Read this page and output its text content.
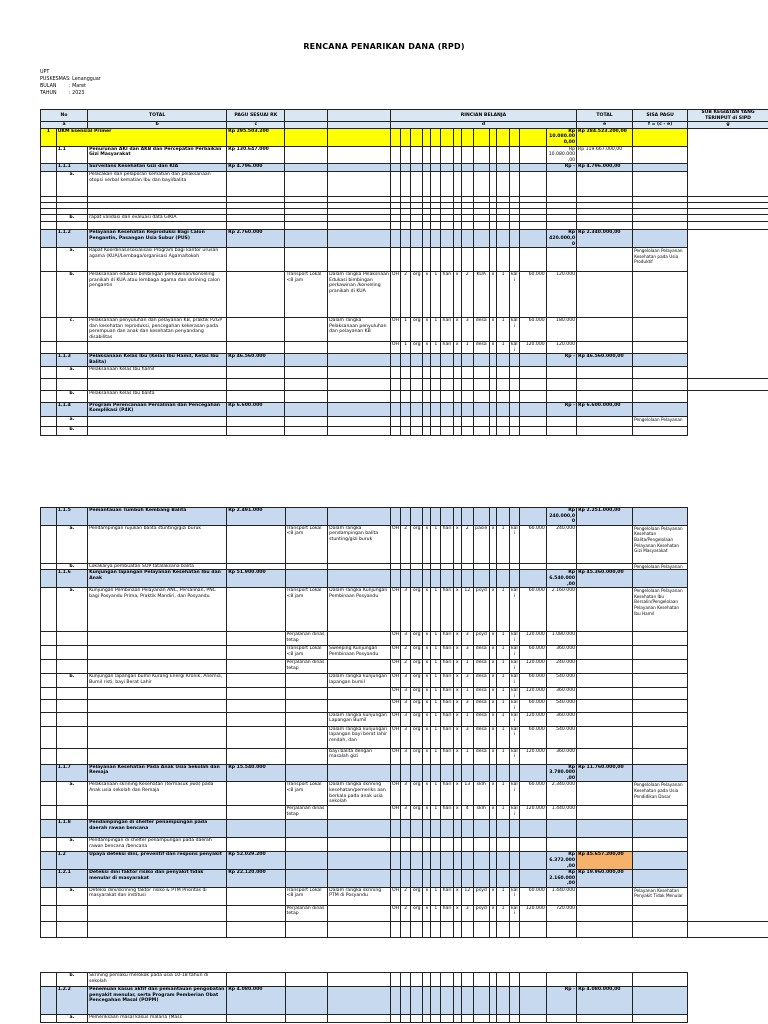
RENCANA PENARIKAN DANA (RPD)
UPT PUSKESMAS: Lenangguar
BULAN	: Maret
TAHUN	: 2023
No		TOTAL	PAGU SESUAI RK			RINCIAN BELANJA														TOTAL	SISA PAGU	SUB KEGIATAN YANG TERINPUT di SIPD
a		b	c			d														e	f = (c - e)	g
1	UKM Esensial Primer		Rp 295.503.200																Rp 10.080.000,00	Rp 284.523.200,00		
	1.1	Penurunan AKI dan AKB dan Percepatan Perbaikan Gizi Masyarakat	Rp 130.647.000																Rp 10.080.000,00	Rp 119.667.000,00		
	1.1.1	Surveilans Kesehatan Gizi dan KIA	Rp 4.796.000																Rp -	Rp 4.796.000,00		
	a.	Pelacakan dan pelaporan kematian dan pelaksanaan otopsi verbal kematian Ibu dan bayi/balita																				

	b.	rapat validasi dan evaluasi data GIKIA																				

	1.1.2	Pelayanan Kesehatan Reproduksi Bagi Calon Pengantin, Pasangan Usia Subur (PUS)	Rp 2.760.000																Rp 420.000,00	Rp 2.340.000,00		
	a.	Rapat Koordinasi/sosialisasi Program bagi kantor urusan agama (KUA)/Lembaga/organisasi Agama/tokoh																			Pengelolaan Pelayanan Kesehatan pada Usia Produktif	
	b.	Pelaksanaan edukasi bimbingan perkawinan/konseling pranikah di KUA atau lembaga agama dan skrining calon pengantin		Transport Lokal <8 jam	Dalam rangka Pelaksnaan Edukasi bimbingan perkawinan /konseling pranikah di KUA	OH	2	org	x	1	hari	x	2	KUA	x	1	kali	60.000	120.000			
	c.	Pelaksanaan penyuluhan dan pelayanan KB, praktik P2GP dan kesehatan reproduksi, pencegahan kekerasan pada perempuan dan anak dan kesehatan penyandang disabilitas			Dalam rangka Pelaksanaan penyuluhan dan pelayanan KB	OH	1	org	x	1	hari	x	3	desa	x	1	kali	60.000	180.000			
						OH	1	org	x	1	hari	x	1	desa	x	1	kali	120.000	120.000			
	1.1.3	Pelaksanaan Kelas Ibu (Kelas Ibu Hamil, Kelas Ibu Balita)	Rp 46.560.000																Rp -	Rp 46.560.000,00		
	a.	Pelaksanaan Kelas Ibu hamil																				

	b.	Pelaksanaan Kelas Ibu balita																				
	1.1.4	Program Perencanaan Persalinan dan Pencegahan Komplikasi (P4K)	Rp 6.600.000																Rp -	Rp 6.600.000,00		
	a.																				Pengelolaan Pelayanan	
	b.																					
	1.1.5	Pemantauan Tumbuh Kembang Balita	Rp 2.491.000																Rp 240.000,00	Rp 2.251.000,00		
	a.	Pendampingan rujukan balita stunting/gizi buruk		Transport Lokal <8 jam	Dalam rangka pendampingan balita stunting/gizi buruk	OH	2	org	x	1	hari	x	2	pasie	x	1	kali	60.000	240.000		Pengelolaan Pelayanan Kesehatan Balita/Pengelolaan Pelayanan Kesehatan Gizi Masyarakat	
	b.	Lokakarya pembuatan SOP tatalaksana balita																			Pengelolaan Pelayanan	
	1.1.6	Kunjungan lapangan Pelayanan Kesehatan Ibu dan Anak	Rp 51.900.000																Rp 6.540.000,00	Rp 45.360.000,00		
	a.	Kunjungan Pembinaan Pelayanan ANC, Persalinan, PNC bagi Posyandu Prima, Praktik Mandiri, dan Posyandu		Transport Lokal <8 jam	Dalam rangka Kunjungan Pembinaan Posyandu	OH	3	org	x	1	hari	x	12	psyd	x	1	kali	60.000	2.160.000		Pengelolaan Pelayanan Kesehatan Ibu Bersalin/Pengelolaan Pelayanan Kesehatan Ibu Hamil	
				Perjalanan dinas tetap		OH	3	org	x	1	hari	x	3	psyd	x	1	kali	120.000	1.080.000			
				Transport Lokal <8 jam	Sweeping Kunjungan Pembinaan Posyandu	OH	2	org	x	1	hari	x	3	desa	x	1	kali	60.000	360.000			
				Perjalanan dinas tetap		OH	2	org	x	1	hari	x	1	desa	x	1	kali	120.000	240.000			
	b.	Kunjungan lapangan bumil Kurang Energi Kronik, Anemia, Bumil risti, bayi Berat Lahir			Dalam rangka kunjungan lapangan bumil	OH	3	org	x	1	hari	x	3	desa	x	1	kali	60.000	540.000			
						OH	3	org	x	1	hari	x	1	desa	x	1	kali	120.000	360.000			
						OH	3	org	x	1	hari	x	3	desa	x	1	kali	60.000	540.000			
					Dalam rangka kunjungan Lapangan Bumil	OH	3	org	x	1	hari	x	1	desa	x	1	kali	120.000	360.000			
					Dalam rangka kunjungan lapangan bayi berat lahir rendah, dan	OH	3	org	x	1	hari	x	3	desa	x	1	kali	60.000	540.000			
					bayi balita dengan masalah gizi	OH	3	org	x	1	hari	x	1	desa	x	1	kali	120.000	360.000			
	1.1.7	Pelayanan Kesehatan Pada Anak Usia Sekolah dan Remaja	Rp 15.540.000																Rp 3.780.000,00	Rp 11.760.000,00		
	a.	Pelaksanaan skrining Kesehatan (termasuk jiwa) pada Anak usia sekolah dan Remaja		Transport Lokal <8 jam	Dalam rangka skrining kesehatan/pemeriks aan berkala pada anak usia sekolah	OH	3	org	x	1	hari	x	13	sklh	x	1	kali	60.000	2.340.000		Pengelolaan Pelayanan Kesehatan pada Usia Pendidikan Dasar	
				Perjalanan dinas tetap		OH	3	org	x	1	hari	x	4	sklh	x	1	kali	120.000	1.440.000			
	1.1.8	Pendampingan di shelter penampungan pada daerah rawan bencana																				
	a.	Pendampingan di shelter penampungan pada daerah rawan bencana /bencana																				
	1.2	Upaya deteksi dini, preventif dan respons penyakit	Rp 52.029.200																Rp 6.372.000,00	Rp 45.657.200,00		
	1.2.1	Deteksi dini faktor risiko dan penyakit tidak menular di masyarakat	Rp 22.120.000																Rp 2.160.000,00	Rp 19.960.000,00		
	a.	Deteksi dini/skrining faktor risiko & PTM Prioritas di masyarakat dan institusi		Transport Lokal <8 jam	Dalam rangka skrining PTM di Posyandu	OH	2	org	x	1	hari	x	12	psyd	x	1	kali	60.000	1.440.000		Pelayanan Kesehatan Penyakit Tidak Menular	
				Perjalanan dinas tetap		OH	2	org	x	1	hari	x	3	psyd	x	1	kali	120.000	720.000			

	b.	Skrining perilaku merokok pada usia 10-18 tahun di sekolah																			
	1.2.2	Penemuan kasus aktif dan pemantauan pengobatan penyakit menular, serta Program Pemberian Obat Pencegahan Masal (POPM)	Rp 4.080.000																Rp -	Rp 4.080.000,00	
	a.	Pemeriksaan masal kasus malaria (Mass																			
